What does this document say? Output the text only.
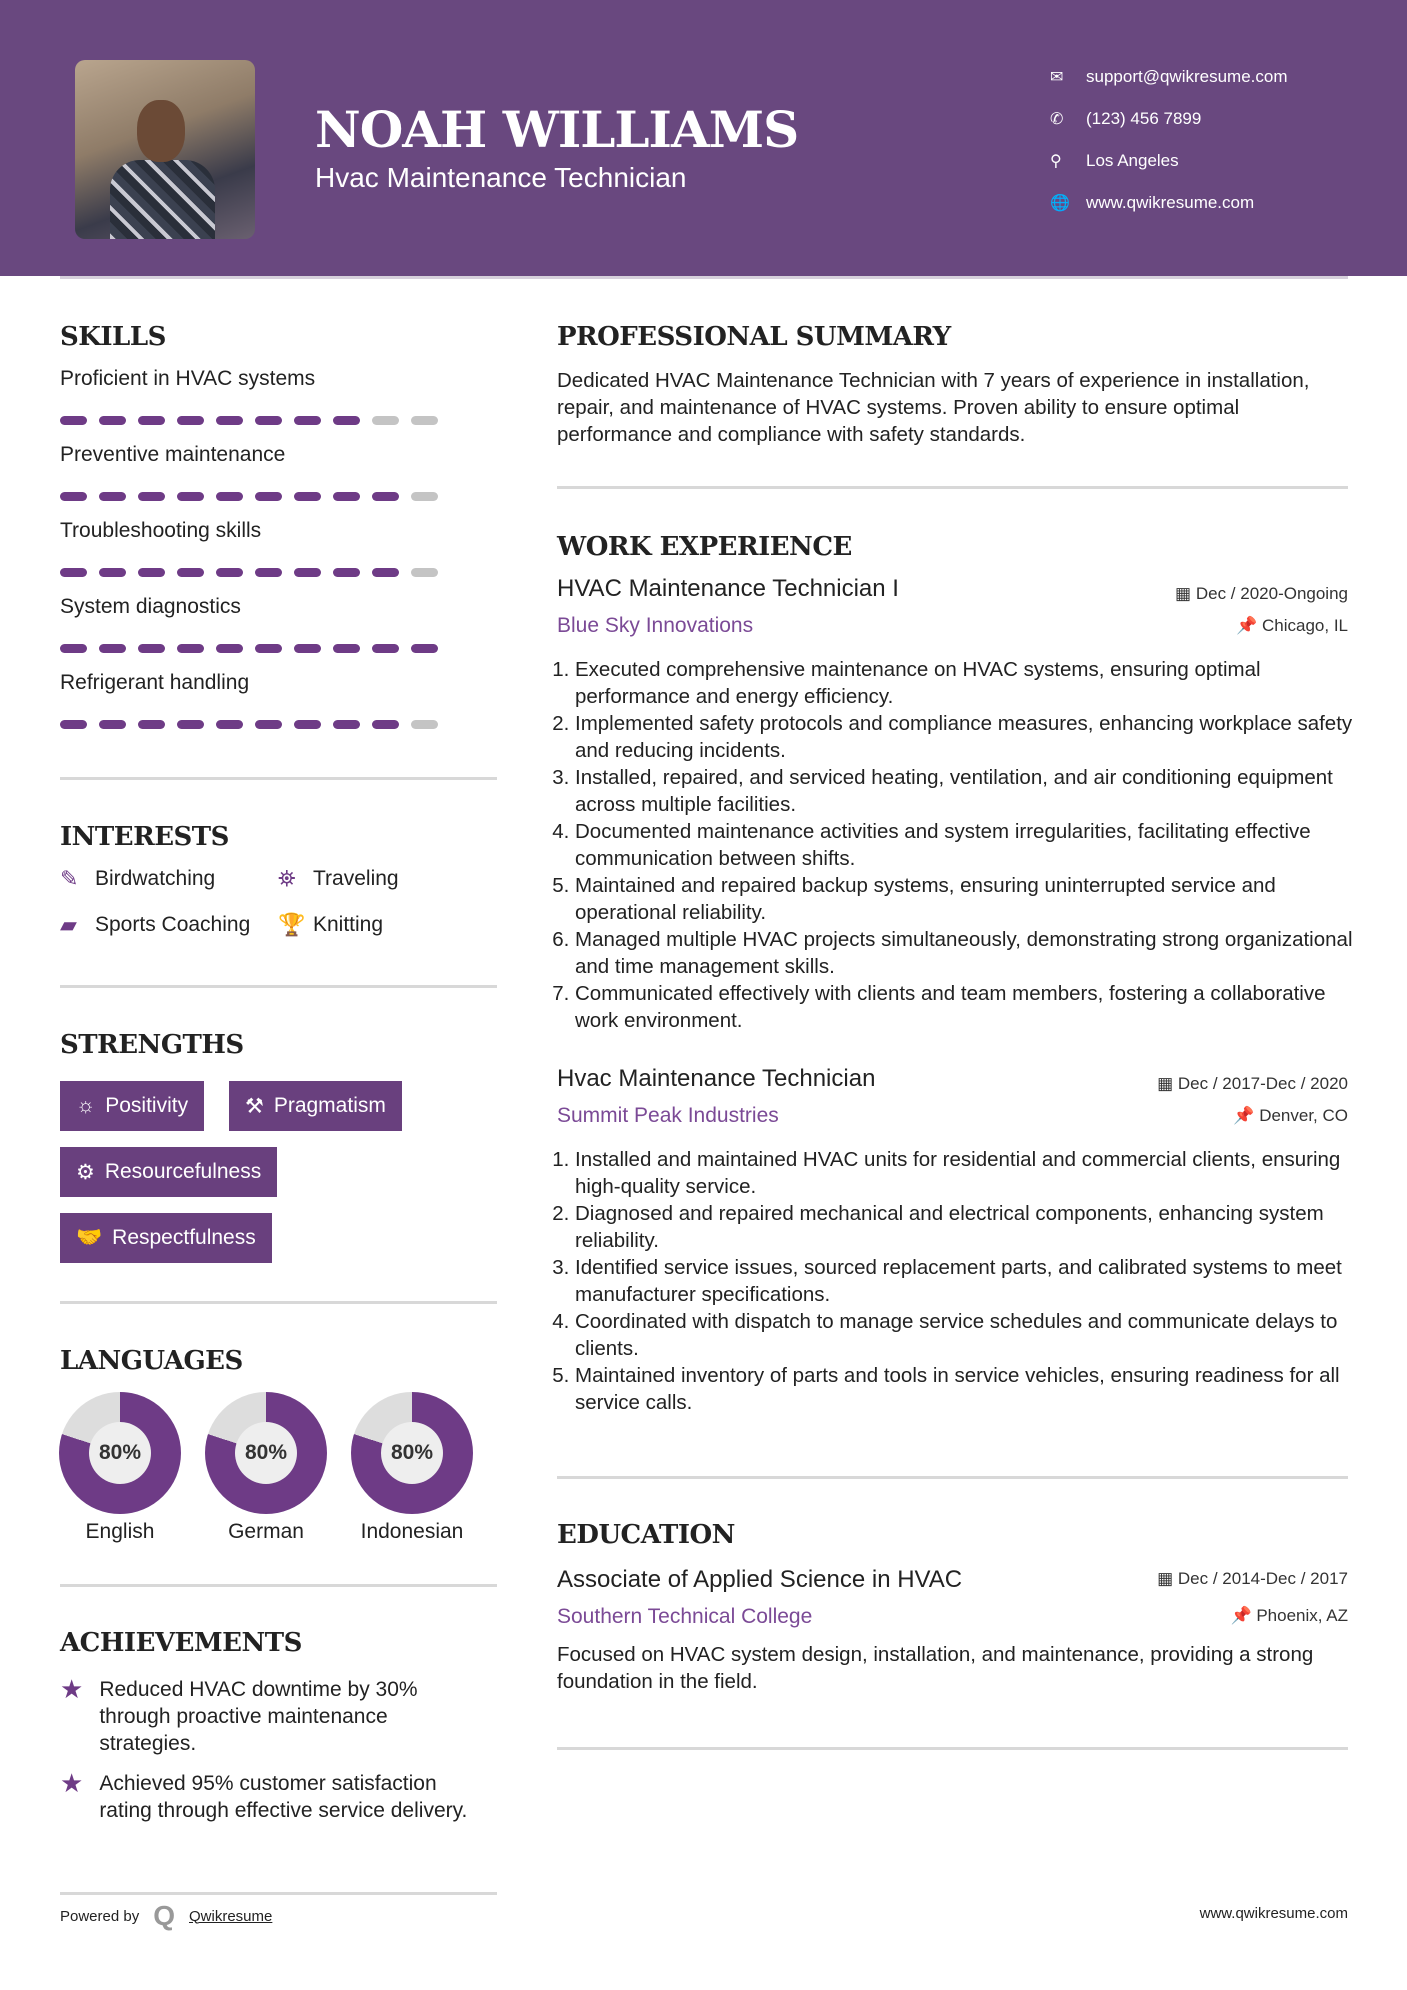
NOAH WILLIAMS
Hvac Maintenance Technician
✉	support@qwikresume.com
✆	(123) 456 7899
⚲	Los Angeles
🌐 www.qwikresume.com
SKILLS
Proficient in HVAC systems
Preventive maintenance
Troubleshooting skills
System diagnostics
Refrigerant handling
INTERESTS
✎ Birdwatching	⛯ Traveling
▰ Sports Coaching 🏆 Knitting
STRENGTHS
☼ Positivity	⚒ Pragmatism
⚙ Resourcefulness
🤝 Respectfulness
LANGUAGES
80%
English
80%
German
80%
Indonesian
ACHIEVEMENTS
★ Reduced HVAC downtime by 30% through proactive maintenance strategies.
★ Achieved 95% customer satisfaction rating through effective service delivery.
Powered by Q Qwikresume	www.qwikresume.com
PROFESSIONAL SUMMARY
Dedicated HVAC Maintenance Technician with 7 years of experience in installation, repair, and maintenance of HVAC systems. Proven ability to ensure optimal performance and compliance with safety standards.
WORK EXPERIENCE
HVAC Maintenance Technician I	▦ Dec / 2020-Ongoing
Blue Sky Innovations	📌 Chicago, IL
1. Executed comprehensive maintenance on HVAC systems, ensuring optimal performance and energy efficiency.
2. Implemented safety protocols and compliance measures, enhancing workplace safety and reducing incidents.
3. Installed, repaired, and serviced heating, ventilation, and air conditioning equipment across multiple facilities.
4. Documented maintenance activities and system irregularities, facilitating effective communication between shifts.
5. Maintained and repaired backup systems, ensuring uninterrupted service and operational reliability.
6. Managed multiple HVAC projects simultaneously, demonstrating strong organizational and time management skills.
7. Communicated effectively with clients and team members, fostering a collaborative work environment.
Hvac Maintenance Technician	▦ Dec / 2017-Dec / 2020
Summit Peak Industries	📌 Denver, CO
1. Installed and maintained HVAC units for residential and commercial clients, ensuring high-quality service.
2. Diagnosed and repaired mechanical and electrical components, enhancing system reliability.
3. Identified service issues, sourced replacement parts, and calibrated systems to meet manufacturer specifications.
4. Coordinated with dispatch to manage service schedules and communicate delays to clients.
5. Maintained inventory of parts and tools in service vehicles, ensuring readiness for all service calls.
EDUCATION
Associate of Applied Science in HVAC	▦ Dec / 2014-Dec / 2017
Southern Technical College	📌 Phoenix, AZ
Focused on HVAC system design, installation, and maintenance, providing a strong foundation in the field.
